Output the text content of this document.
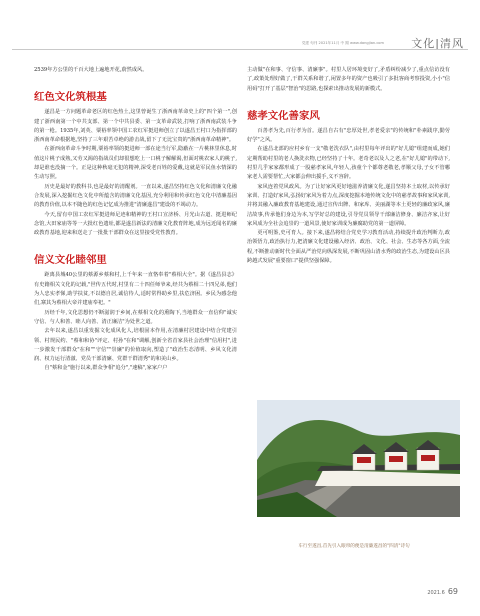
党建 旬刊 2021年11月 中 期 www.dangjian.com 文化|清风

2539年方公里的千百大地上遍地开花,蔚然成风。

红色文化筑根基

遂昌是一方问题革命老区的红色热土,这里曾诞生了浙西南革命史上的"四个第一",创建了浙西南第一个中共支部、第一个中共县委、第一支革命武装,打响了浙西南武装斗争的第一枪。1935年,刘英、粟裕率领中国工农红军挺进师创立了以遂昌王村口为指挥部的浙西南革命根据地,坚持了三年艰苦卓绝的游击战,留下了无比宝贵的"浙西南革命精神"。

在浙西南革命斗争时期,粟裕率领的挺进师一部在途当行军,隐蔽在一片桃林里休息,时值这片桃子成熟,又劳又渴的指战员们却很想吃上一口桃子解解渴,但面对桃农家人的桃子,却是谁也没摘一个。正是这种秋毫无犯的精神,深受老百姓的爱戴,这就是军民鱼水情深的生动写照。

历史是最好的教科书,也是最好的清醒剂。一直以来,遂昌坚持红色文化和清廉文化融合发展,深入挖掘红色文化中所蕴含的清廉文化基因,充分利用和传承红色文化中清廉基因的教育价值,以本不随色的红色记忆成为推进"清廉遂昌"建设的不竭动力。

今天,留有中国工农红军挺进师足迹和精神的王村口宣济桥、月光山古道、挺进师纪念馆,大田家庙等等一大批红色遗址,都是遂昌新法的清廉文化教育阵地,成为远近闻名的廉政教育基地,迎来和送走了一批批干部群众在这里接受党性教育。

信义文化睦邻里

距离县城40公里的蔡源乡蔡和村,上千年来一直恪奉着"蔡相大全"。据《遂昌县志》有史籍相关文化的记载,"世传五代时,村里有二十四任师爷来,经共为蔡相二十四兄弟,他们为人忠实孝悌,助学扶贫,不以德自居,诚信待人,适时常得助乡里,扶危济困。乡民为感念他们,寨其为蔡相大帝并建庙奉祀。"

历经千年,文化思想仍不断滋润于乡间,在蔡相文化的熏陶下,当地群众一直信仰"诚实守信、与人和善、睦人向善、清正廉洁"为处世之道。

去年以来,遂昌以重发掘文化成风化人,培根固本作用,在清廉村居建设中结合党建引领、村规民约、"蔡和和协"评定、村孙"在和"调解,创新全省首家县社会治理"信用村",进一步激发干部群众"在和""守信""崇廉"的价值取向,塑造了"政治生态清明、乡风文化清润、权力运行清澈、党员干部清廉、党群干群清秀"的和美山乡。

自"蔡和金"施行以来,群众争相"追分","速稿",家家户户

主动做"在和事、守信事、清廉事"。村里人居环境变好了,矛盾纠纷减少了,重点信访没有了,政策处理好做了,干群关系和谐了,闲置多年的资产也吸引了多批客商考察投资,小小"信用码"打开了基层"智治"的思路,也探索出推动发展的新模式。

慈孝文化善家风

百善孝为先,百行孝为首。遂昌自古有"忠厚处世,孝老爱亲"的传统和"朴素践序,勤劳好学"之风。

在遂昌北部的应村乡有一支"敬老洗衣队",由村里每年评出的"好儿媳"组建而成,她们定期帮助村里的老人换洗衣物,已经坚持了十年。老奇老以及人之老,在"好儿媳"的带动下,村里几乎家家都形成了一股慈孝家风,年轻人,孩童个个都尊老敬老,孝顺父母,子女不管哪家老人需要帮忙,大家都会伸出援手,义不容辞。

家风连着党风政风。为了让好家风更好地滋养清廉文化,遂昌坚持本土取材,以传承好家训、打造好家风,弘扬好家风为着力点,深度挖掘本地传统文化中的慈孝故事和家风家训,并将其融入廉政教育基地建设,通过宣传出牌、和家库、美丽湖等本土更轻的廉政家风,廉洁故事,传承他们身边为本,写学好总的建设,引导党员领导干部廉洁修身、廉洁齐家,让好家风成为全社会追崇的一道风景,使好家训成为廉腐助党的第一道屏障。

更可明鉴,史可育人。接下来,遂昌将结合党史学习教育活动,持续提升政治判断力,政治领悟力,政治执行力,把清廉文化建设融入经济、政治、文化、社会、生态等各方面,全流程,不断推动新时代全面从严治党向纵深发展,不断巩固山清水秀的政治生态,为建设山区县跨越式发展"重要窗口"提供坚强保障。

车行至遂昌,首先引入眼帘的便是清廉遂昌的"四清"诗句
2021.6 69
